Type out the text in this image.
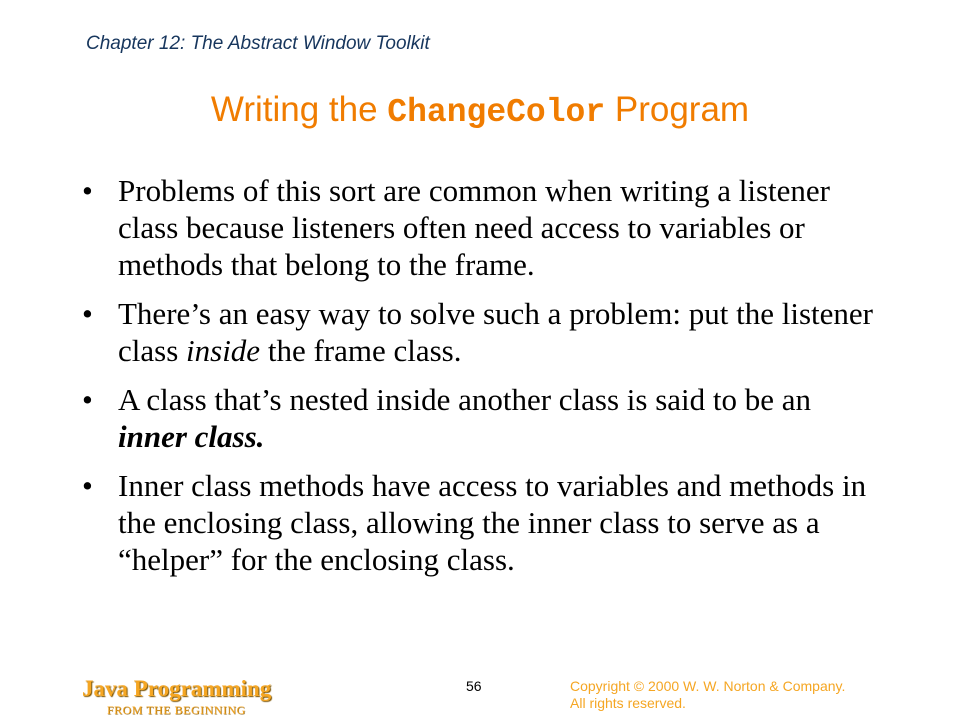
Chapter 12: The Abstract Window Toolkit
Writing the ChangeColor Program
• Problems of this sort are common when writing a listener class because listeners often need access to variables or methods that belong to the frame.
• There’s an easy way to solve such a problem: put the listener class inside the frame class.
• A class that’s nested inside another class is said to be an inner class.
• Inner class methods have access to variables and methods in the enclosing class, allowing the inner class to serve as a “helper” for the enclosing class.
Java Programming
FROM THE BEGINNING
56	Copyright © 2000 W. W. Norton & Company.
All rights reserved.
